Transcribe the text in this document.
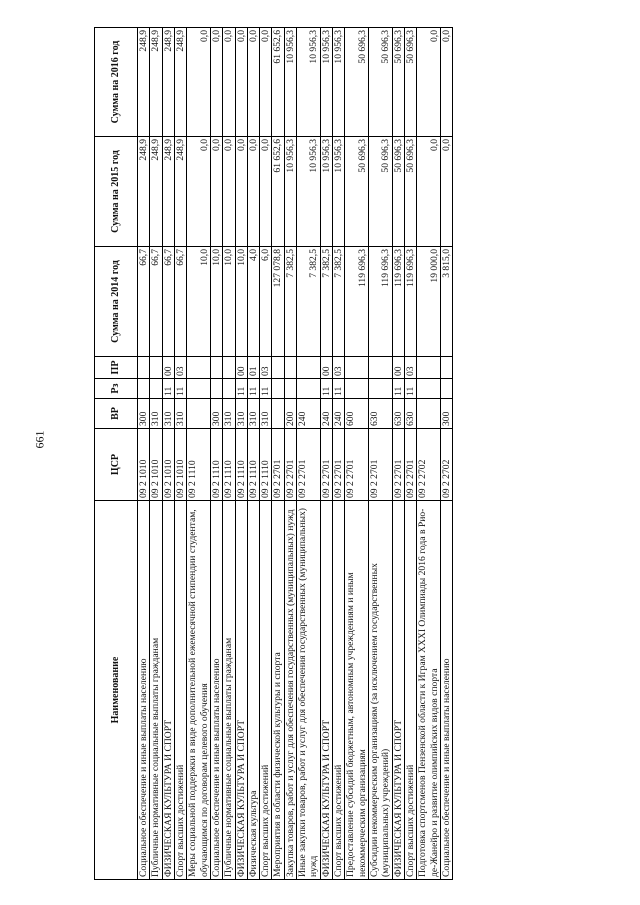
661
Наименование	ЦСР	ВР	Рз	ПР	Сумма на 2014 год	Сумма на 2015 год	Сумма на 2016 год
Социальное обеспечение и иные выплаты населению	09 2 1010	300			66,7	248,9	248,9
Публичные нормативные социальные выплаты гражданам	09 2 1010	310			66,7	248,9	248,9
ФИЗИЧЕСКАЯ КУЛЬТУРА И СПОРТ	09 2 1010	310	11	00	66,7	248,9	248,9
Спорт высших достижений	09 2 1010	310	11	03	66,7	248,9	248,9
Меры социальной поддержки в виде дополнительной ежемесячной стипендии студентам, обучающимся по договорам целевого обучения	09 2 1110				10,0	0,0	0,0
Социальное обеспечение и иные выплаты населению	09 2 1110	300			10,0	0,0	0,0
Публичные нормативные социальные выплаты гражданам	09 2 1110	310			10,0	0,0	0,0
ФИЗИЧЕСКАЯ КУЛЬТУРА И СПОРТ	09 2 1110	310	11	00	10,0	0,0	0,0
Физическая культура	09 2 1110	310	11	01	4,0	0,0	0,0
Спорт высших достижений	09 2 1110	310	11	03	6,0	0,0	0,0
Мероприятия в области физической культуры и спорта	09 2 2701				127 078,8	61 652,6	61 652,6
Закупка товаров, работ и услуг для обеспечения государственных (муниципальных) нужд	09 2 2701	200			7 382,5	10 956,3	10 956,3
Иные закупки товаров, работ и услуг для обеспечения государственных (муниципальных) нужд	09 2 2701	240			7 382,5	10 956,3	10 956,3
ФИЗИЧЕСКАЯ КУЛЬТУРА И СПОРТ	09 2 2701	240	11	00	7 382,5	10 956,3	10 956,3
Спорт высших достижений	09 2 2701	240	11	03	7 382,5	10 956,3	10 956,3
Предоставление субсидий бюджетным, автономным учреждениям и иным некоммерческим организациям	09 2 2701	600			119 696,3	50 696,3	50 696,3
Субсидии некоммерческим организациям (за исключением государственных (муниципальных) учреждений)	09 2 2701	630			119 696,3	50 696,3	50 696,3
ФИЗИЧЕСКАЯ КУЛЬТУРА И СПОРТ	09 2 2701	630	11	00	119 696,3	50 696,3	50 696,3
Спорт высших достижений	09 2 2701	630	11	03	119 696,3	50 696,3	50 696,3
Подготовка спортсменов Пензенской области к Играм XXXI Олимпиады 2016 года в Рио-де-Жанейро и развитие олимпийских видов спорта	09 2 2702				19 000,0	0,0	0,0
Социальное обеспечение и иные выплаты населению	09 2 2702	300			3 815,0	0,0	0,0
